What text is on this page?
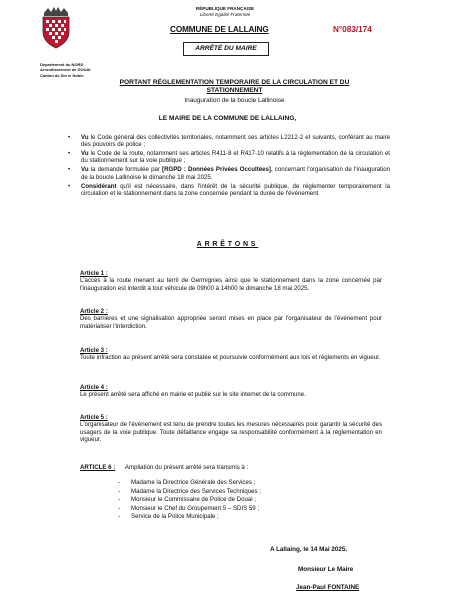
RÉPUBLIQUE FRANÇAISE
Liberté Égalité Fraternité
COMMUNE DE LALLAING	N°083/174
ARRÊTÉ DU MAIRE
Département du NORD
Arrondissement de DOUAI
Canton de Sin le Noble
PORTANT RÉGLEMENTATION TEMPORAIRE DE LA CIRCULATION ET DU STATIONNEMENT
Inauguration de la boucle Lallinoise
LE MAIRE DE LA COMMUNE DE LALLAING,
• Vu le Code général des collectivités territoriales, notamment ses articles L2212-2 et suivants, conférant au maire des pouvoirs de police ;
• Vu le Code de la route, notamment ses articles R411-8 et R417-10 relatifs à la réglementation de la circulation et du stationnement sur la voie publique ;
• Vu la demande formulée par [RGPD : Données Privées Occultées], concernant l'organisation de l'inauguration de la boucle Lallinoise le dimanche 18 mai 2025.
• Considérant qu'il est nécessaire, dans l'intérêt de la sécurité publique, de réglementer temporairement la circulation et le stationnement dans la zone concernée pendant la durée de l'événement
ARRÊTONS
Article 1 :
L'accès à la route menant au terril de Germignies ainsi que le stationnement dans la zone concernée par l'inauguration est interdit à tout véhicule de 09h00 à 14h00 le dimanche 18 mai 2025.
Article 2 :
Des barrières et une signalisation appropriée seront mises en place par l'organisateur de l'événement pour matérialiser l'interdiction.
Article 3 :
Toute infraction au présent arrêté sera constatée et poursuivie conformément aux lois et règlements en vigueur.
Article 4 :
Le présent arrêté sera affiché en mairie et publié sur le site internet de la commune.
Article 5 :
L'organisateur de l'événement est tenu de prendre toutes les mesures nécessaires pour garantir la sécurité des usagers de la voie publique. Toute défaillance engage sa responsabilité conformément à la réglementation en vigueur.
ARTICLE 6 : Ampliation du présent arrêté sera transmis à :
- Madame la Directrice Générale des Services ;
- Madame la Directrice des Services Techniques ;
- Monsieur le Commissaire de Police de Douai ;
- Monsieur le Chef du Groupement 5 – SDIS 59 ;
- Service de la Police Municipale ;
A Lallaing, le 14 Mai 2025.
Monsieur Le Maire
Jean-Paul FONTAINE
